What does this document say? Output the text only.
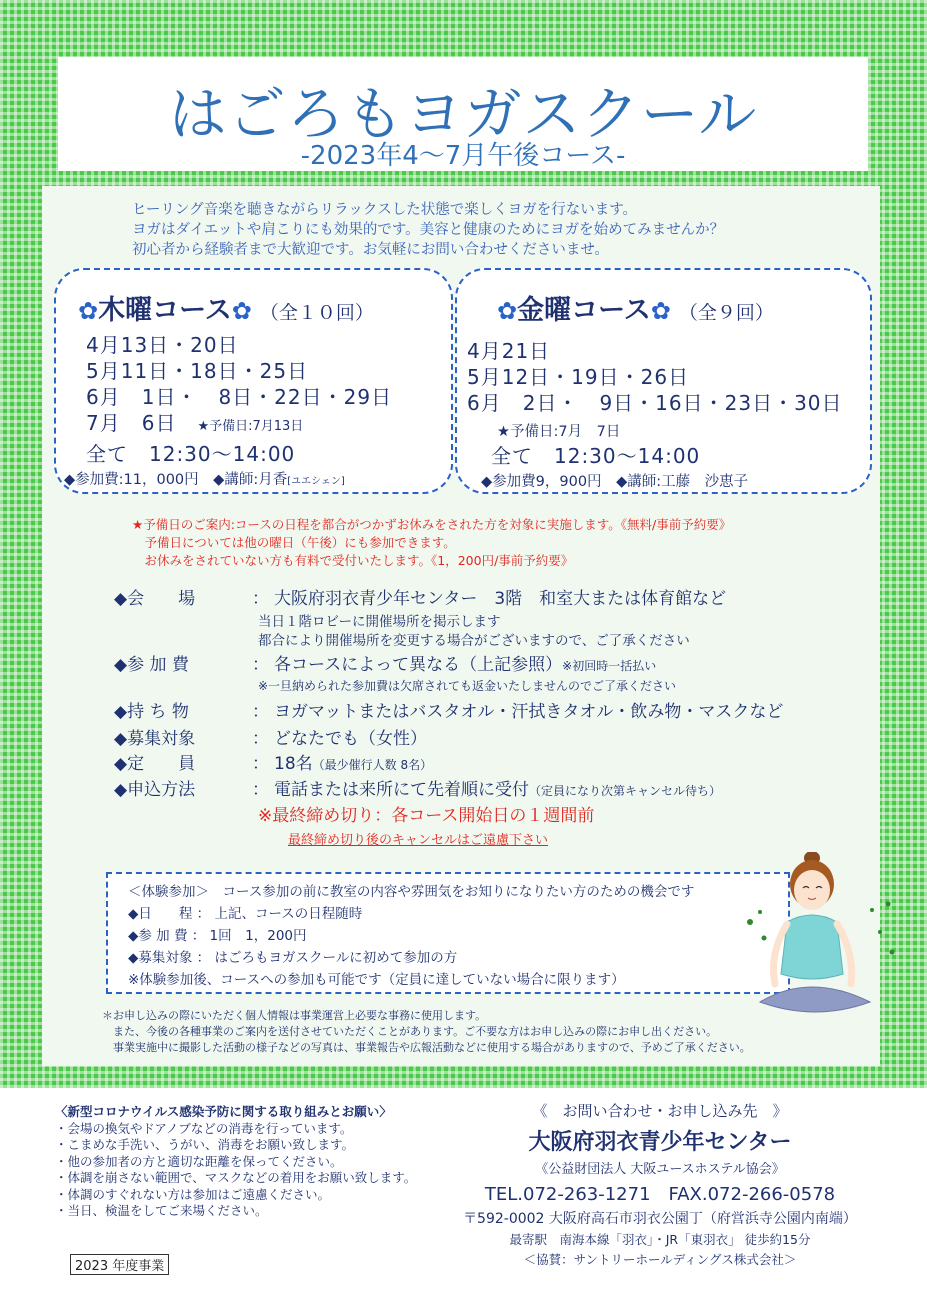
はごろもヨガスクール
-2023年4～7月午後コース-
ヒーリング音楽を聴きながらリラックスした状態で楽しくヨガを行ないます。
ヨガはダイエットや肩こりにも効果的です。美容と健康のためにヨガを始めてみませんか？
初心者から経験者まで大歓迎です。お気軽にお問い合わせくださいませ。
✿木曜コース✿ （全１０回）
4月13日・20日
5月11日・18日・25日
6月　1日・　8日・22日・29日
7月　6日　 ★予備日:7月13日
全て　12:30～14:00
◆参加費:11，000円　 ◆講師:月香[ユエシェン]
✿金曜コース✿ （全９回）
4月21日
5月12日・19日・26日
6月　2日・　9日・16日・23日・30日
★予備日:7月　7日
全て　12:30～14:00
◆参加費9，900円　 ◆講師:工藤　沙恵子
★予備日のご案内:コースの日程を都合がつかずお休みをされた方を対象に実施します。《無料/事前予約要》
　予備日については他の曜日（午後）にも参加できます。
　お休みをされていない方も有料で受付いたします。《1，200円/事前予約要》
◆会　　場	： 大阪府羽衣青少年センター　3階　和室大または体育館など
当日１階ロビーに開催場所を掲示します
都合により開催場所を変更する場合がございますので、ご了承ください
◆参 加 費	： 各コースによって異なる（上記参照）※初回時一括払い
※一旦納められた参加費は欠席されても返金いたしませんのでご了承ください
◆持 ち 物	： ヨガマットまたはバスタオル・汗拭きタオル・飲み物・マスクなど
◆募集対象	： どなたでも（女性）
◆定　　員	： 18名（最少催行人数 8名）
◆申込方法	： 電話または来所にて先着順に受付（定員になり次第キャンセル待ち）
※最終締め切り：各コース開始日の１週間前
最終締め切り後のキャンセルはご遠慮下さい
＜体験参加＞　 コース参加の前に教室の内容や雰囲気をお知りになりたい方のための機会です
◆日　　程 ： 上記、コースの日程随時
◆参 加 費 ： 1回　1，200円
◆募集対象 ： はごろもヨガスクールに初めて参加の方
※体験参加後、コースへの参加も可能です（定員に達していない場合に限ります）
＊お申し込みの際にいただく個人情報は事業運営上必要な事務に使用します。
　また、今後の各種事業のご案内を送付させていただくことがあります。ご不要な方はお申し込みの際にお申し出ください。
　事業実施中に撮影した活動の様子などの写真は、事業報告や広報活動などに使用する場合がありますので、予めご了承ください。
〈新型コロナウイルス感染予防に関する取り組みとお願い〉
・会場の換気やドアノブなどの消毒を行っています。
・こまめな手洗い、うがい、消毒をお願い致します。
・他の参加者の方と適切な距離を保ってください。
・体調を崩さない範囲で、マスクなどの着用をお願い致します。
・体調のすぐれない方は参加はご遠慮ください。
・当日、検温をしてご来場ください。
《　お問い合わせ・お申し込み先　》
大阪府羽衣青少年センター
《公益財団法人 大阪ユースホステル協会》
TEL.072-263-1271　FAX.072-266-0578
〒592-0002 大阪府高石市羽衣公園丁（府営浜寺公園内南端）
最寄駅　南海本線「羽衣」・JR「東羽衣」 徒歩約15分
＜協賛：サントリーホールディングス株式会社＞
2023 年度事業
